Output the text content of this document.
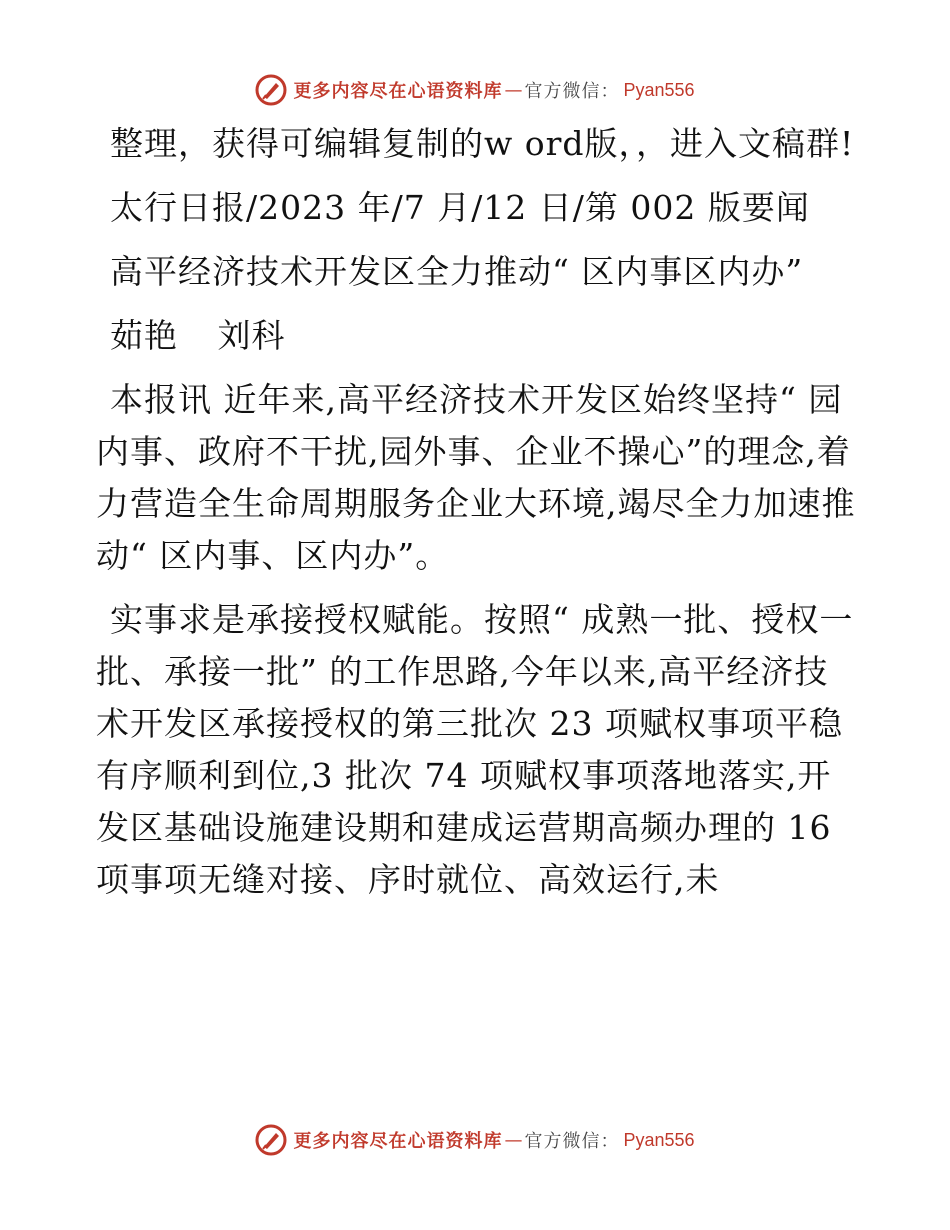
更多内容尽在心语资料库 — 官方微信： Pyan556

整理，获得可编辑复制的w ord版，，进入文稿群!

太行日报/2023 年/7 月/12 日/第 002 版要闻

高平经济技术开发区全力推动“ 区内事区内办”

茹艳 刘科

本报讯 近年来,高平经济技术开发区始终坚持“ 园内事、政府不干扰,园外事、企业不操心”的理念,着力营造全生命周期服务企业大环境,竭尽全力加速推动“ 区内事、区内办”。

实事求是承接授权赋能。按照“ 成熟一批、授权一批、承接一批” 的工作思路,今年以来,高平经济技术开发区承接授权的第三批次 23 项赋权事项平稳有序顺利到位,3 批次 74 项赋权事项落地落实,开发区基础设施建设期和建成运营期高频办理的 16 项事项无缝对接、序时就位、高效运行,未

更多内容尽在心语资料库 — 官方微信： Pyan556
